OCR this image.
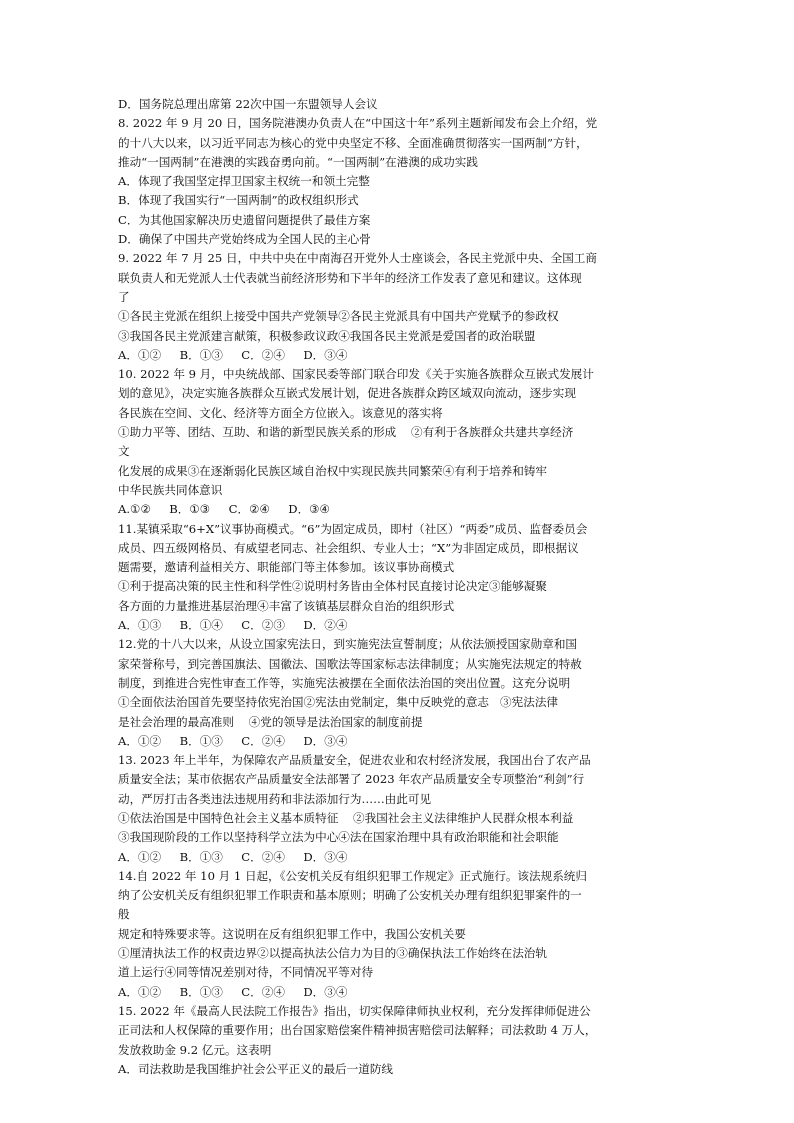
D．国务院总理出席第 22次中国一东盟领导人会议
8. 2022 年 9 月 20 日，国务院港澳办负责人在“中国这十年”系列主题新闻发布会上介绍，党
的十八大以来，以习近平同志为核心的党中央坚定不移、全面准确贯彻落实一国两制”方针，
推动“一国两制”在港澳的实践奋勇向前。“一国两制”在港澳的成功实践
A．体现了我国坚定捍卫国家主权统一和领土完整
B．体现了我国实行“一国两制”的政权组织形式
C．为其他国家解决历史遗留问题提供了最佳方案
D．确保了中国共产党始终成为全国人民的主心骨
9. 2022 年 7 月 25 日，中共中央在中南海召开党外人士座谈会，各民主党派中央、全国工商
联负责人和无党派人士代表就当前经济形势和下半年的经济工作发表了意见和建议。这体现
了
①各民主党派在组织上接受中国共产党领导②各民主党派具有中国共产党赋予的参政权
③我国各民主党派建言献策，积极参政议政④我国各民主党派是爱国者的政治联盟
A．①②     B．①③     C．②④     D．③④
10. 2022 年 9 月，中央统战部、国家民委等部门联合印发《关于实施各族群众互嵌式发展计
划的意见》，决定实施各族群众互嵌式发展计划，促进各族群众跨区域双向流动，逐步实现
各民族在空间、文化、经济等方面全方位嵌入。该意见的落实将
①助力平等、团结、互助、和谐的新型民族关系的形成    ②有利于各族群众共建共享经济
文
化发展的成果③在逐渐弱化民族区域自治权中实现民族共同繁荣④有利于培养和铸牢
中华民族共同体意识
A.①②     B．①③     C．②④     D．③④
11.某镇采取“6+X”议事协商模式。“6”为固定成员，即村（社区）“两委”成员、监督委员会
成员、四五级网格员、有威望老同志、社会组织、专业人士；“X”为非固定成员，即根据议
题需要，邀请利益相关方、职能部门等主体参加。该议事协商模式
①利于提高决策的民主性和科学性②说明村务皆由全体村民直接讨论决定③能够凝聚
各方面的力量推进基层治理④丰富了该镇基层群众自治的组织形式
A．①③     B．①④     C．②③     D．②④
12.党的十八大以来，从设立国家宪法日，到实施宪法宣誓制度；从依法颁授国家勋章和国
家荣誉称号，到完善国旗法、国徽法、国歌法等国家标志法律制度；从实施宪法规定的特赦
制度，到推进合宪性审查工作等，实施宪法被摆在全面依法治国的突出位置。这充分说明
①全面依法治国首先要坚持依宪治国②宪法由党制定，集中反映党的意志   ③宪法法律
是社会治理的最高准则    ④党的领导是法治国家的制度前提
A．①②     B．①③     C．②④     D．③④
13. 2023 年上半年，为保障农产品质量安全，促进农业和农村经济发展，我国出台了农产品
质量安全法；某市依据农产品质量安全法部署了 2023 年农产品质量安全专项整治“利剑”行
动，严厉打击各类违法违规用药和非法添加行为……由此可见
①依法治国是中国特色社会主义基本质特征    ②我国社会主义法律维护人民群众根本利益
③我国现阶段的工作以坚持科学立法为中心④法在国家治理中具有政治职能和社会职能
A．①②     B．①③     C．②④     D．③④
14.自 2022 年 10 月 1 日起，《公安机关反有组织犯罪工作规定》正式施行。该法规系统归
纳了公安机关反有组织犯罪工作职责和基本原则；明确了公安机关办理有组织犯罪案件的一
般
规定和特殊要求等。这说明在反有组织犯罪工作中，我国公安机关要
①厘清执法工作的权责边界②以提高执法公信力为目的③确保执法工作始终在法治轨
道上运行④同等情况差别对待，不同情况平等对待
A．①②     B．①③     C．②④     D．③④
15. 2022 年《最高人民法院工作报告》指出，切实保障律师执业权利，充分发挥律师促进公
正司法和人权保障的重要作用；出台国家赔偿案件精神损害赔偿司法解释；司法救助 4 万人，
发放救助金 9.2 亿元。这表明
A．司法救助是我国维护社会公平正义的最后一道防线
